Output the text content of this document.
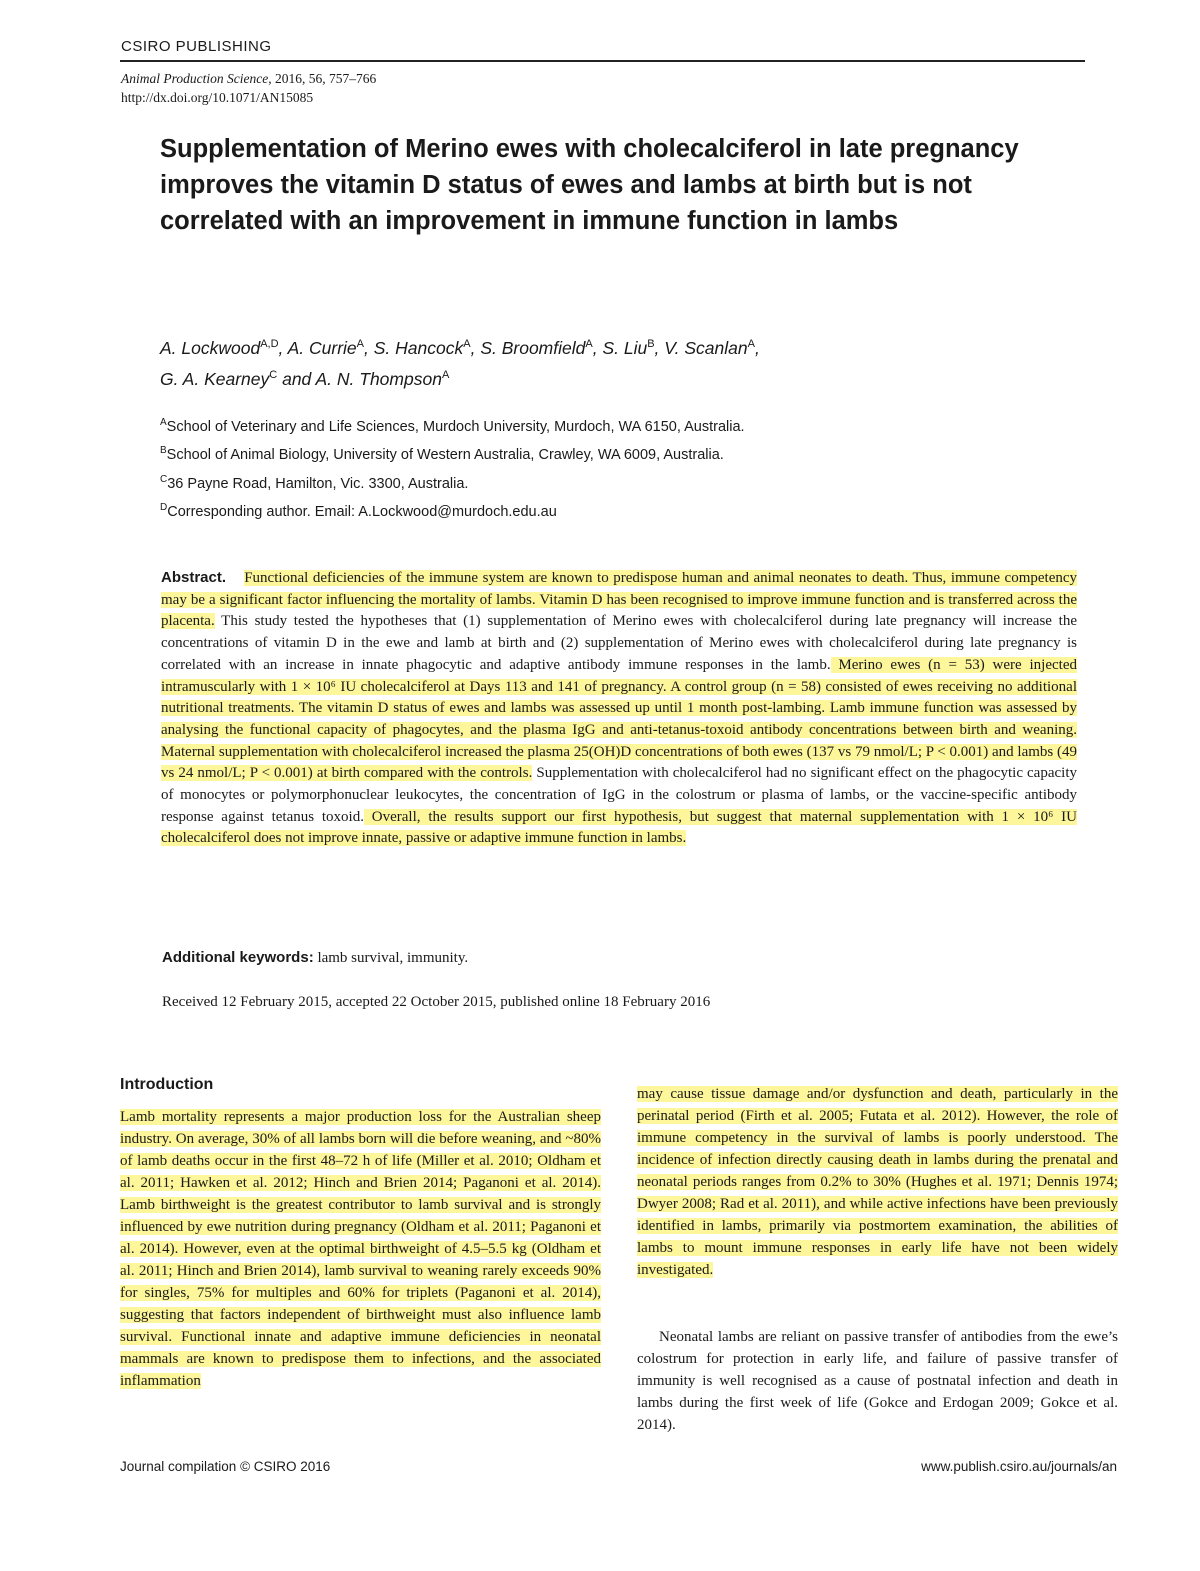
CSIRO PUBLISHING
Animal Production Science, 2016, 56, 757–766
http://dx.doi.org/10.1071/AN15085
Supplementation of Merino ewes with cholecalciferol in late pregnancy improves the vitamin D status of ewes and lambs at birth but is not correlated with an improvement in immune function in lambs
A. Lockwood$^{A,D}$, A. Currie$^A$, S. Hancock$^A$, S. Broomfield$^A$, S. Liu$^B$, V. Scanlan$^A$,
G. A. Kearney$^C$ and A. N. Thompson$^A$
$^A$School of Veterinary and Life Sciences, Murdoch University, Murdoch, WA 6150, Australia.
$^B$School of Animal Biology, University of Western Australia, Crawley, WA 6009, Australia.
$^C$36 Payne Road, Hamilton, Vic. 3300, Australia.
$^D$Corresponding author. Email: A.Lockwood@murdoch.edu.au

Abstract. Functional deficiencies of the immune system are known to predispose human and animal neonates to death. Thus, immune competency may be a significant factor influencing the mortality of lambs. Vitamin D has been recognised to improve immune function and is transferred across the placenta. This study tested the hypotheses that (1) supplementation of Merino ewes with cholecalciferol during late pregnancy will increase the concentrations of vitamin D in the ewe and lamb at birth and (2) supplementation of Merino ewes with cholecalciferol during late pregnancy is correlated with an increase in innate phagocytic and adaptive antibody immune responses in the lamb. Merino ewes (n = 53) were injected intramuscularly with 1 × 10⁶ IU cholecalciferol at Days 113 and 141 of pregnancy. A control group (n = 58) consisted of ewes receiving no additional nutritional treatments. The vitamin D status of ewes and lambs was assessed up until 1 month post-lambing. Lamb immune function was assessed by analysing the functional capacity of phagocytes, and the plasma IgG and anti-tetanus-toxoid antibody concentrations between birth and weaning. Maternal supplementation with cholecalciferol increased the plasma 25(OH)D concentrations of both ewes (137 vs 79 nmol/L; P < 0.001) and lambs (49 vs 24 nmol/L; P < 0.001) at birth compared with the controls. Supplementation with cholecalciferol had no significant effect on the phagocytic capacity of monocytes or polymorphonuclear leukocytes, the concentration of IgG in the colostrum or plasma of lambs, or the vaccine-specific antibody response against tetanus toxoid. Overall, the results support our first hypothesis, but suggest that maternal supplementation with 1 × 10⁶ IU cholecalciferol does not improve innate, passive or adaptive immune function in lambs.

Additional keywords: lamb survival, immunity.
Received 12 February 2015, accepted 22 October 2015, published online 18 February 2016
Introduction

Lamb mortality represents a major production loss for the Australian sheep industry. On average, 30% of all lambs born will die before weaning, and ~80% of lamb deaths occur in the first 48–72 h of life (Miller et al. 2010; Oldham et al. 2011; Hawken et al. 2012; Hinch and Brien 2014; Paganoni et al. 2014). Lamb birthweight is the greatest contributor to lamb survival and is strongly influenced by ewe nutrition during pregnancy (Oldham et al. 2011; Paganoni et al. 2014). However, even at the optimal birthweight of 4.5–5.5 kg (Oldham et al. 2011; Hinch and Brien 2014), lamb survival to weaning rarely exceeds 90% for singles, 75% for multiples and 60% for triplets (Paganoni et al. 2014), suggesting that factors independent of birthweight must also influence lamb survival. Functional innate and adaptive immune deficiencies in neonatal mammals are known to predispose them to infections, and the associated inflammation

may cause tissue damage and/or dysfunction and death, particularly in the perinatal period (Firth et al. 2005; Futata et al. 2012). However, the role of immune competency in the survival of lambs is poorly understood. The incidence of infection directly causing death in lambs during the prenatal and neonatal periods ranges from 0.2% to 30% (Hughes et al. 1971; Dennis 1974; Dwyer 2008; Rad et al. 2011), and while active infections have been previously identified in lambs, primarily via postmortem examination, the abilities of lambs to mount immune responses in early life have not been widely investigated.

Neonatal lambs are reliant on passive transfer of antibodies from the ewe’s colostrum for protection in early life, and failure of passive transfer of immunity is well recognised as a cause of postnatal infection and death in lambs during the first week of life (Gokce and Erdogan 2009; Gokce et al. 2014).

Journal compilation © CSIRO 2016	www.publish.csiro.au/journals/an
